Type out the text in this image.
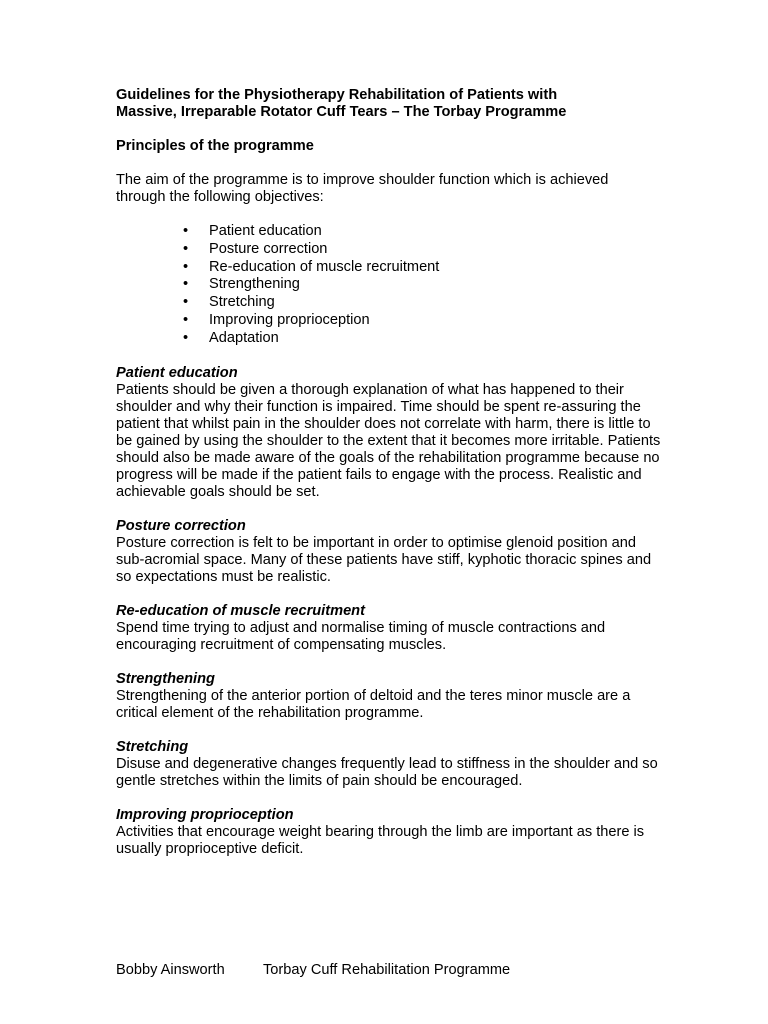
Guidelines for the Physiotherapy Rehabilitation of Patients with
Massive, Irreparable Rotator Cuff Tears – The Torbay Programme
Principles of the programme

The aim of the programme is to improve shoulder function which is achieved through the following objectives:

• Patient education
• Posture correction
• Re-education of muscle recruitment
• Strengthening
• Stretching
• Improving proprioception
• Adaptation
Patient education

Patients should be given a thorough explanation of what has happened to their shoulder and why their function is impaired. Time should be spent re-assuring the patient that whilst pain in the shoulder does not correlate with harm, there is little to be gained by using the shoulder to the extent that it becomes more irritable. Patients should also be made aware of the goals of the rehabilitation programme because no progress will be made if the patient fails to engage with the process. Realistic and achievable goals should be set.

Posture correction

Posture correction is felt to be important in order to optimise glenoid position and sub-acromial space. Many of these patients have stiff, kyphotic thoracic spines and so expectations must be realistic.

Re-education of muscle recruitment

Spend time trying to adjust and normalise timing of muscle contractions and encouraging recruitment of compensating muscles.

Strengthening

Strengthening of the anterior portion of deltoid and the teres minor muscle are a critical element of the rehabilitation programme.

Stretching

Disuse and degenerative changes frequently lead to stiffness in the shoulder and so gentle stretches within the limits of pain should be encouraged.

Improving proprioception

Activities that encourage weight bearing through the limb are important as there is usually proprioceptive deficit.

Bobby Ainsworth	Torbay Cuff Rehabilitation Programme
